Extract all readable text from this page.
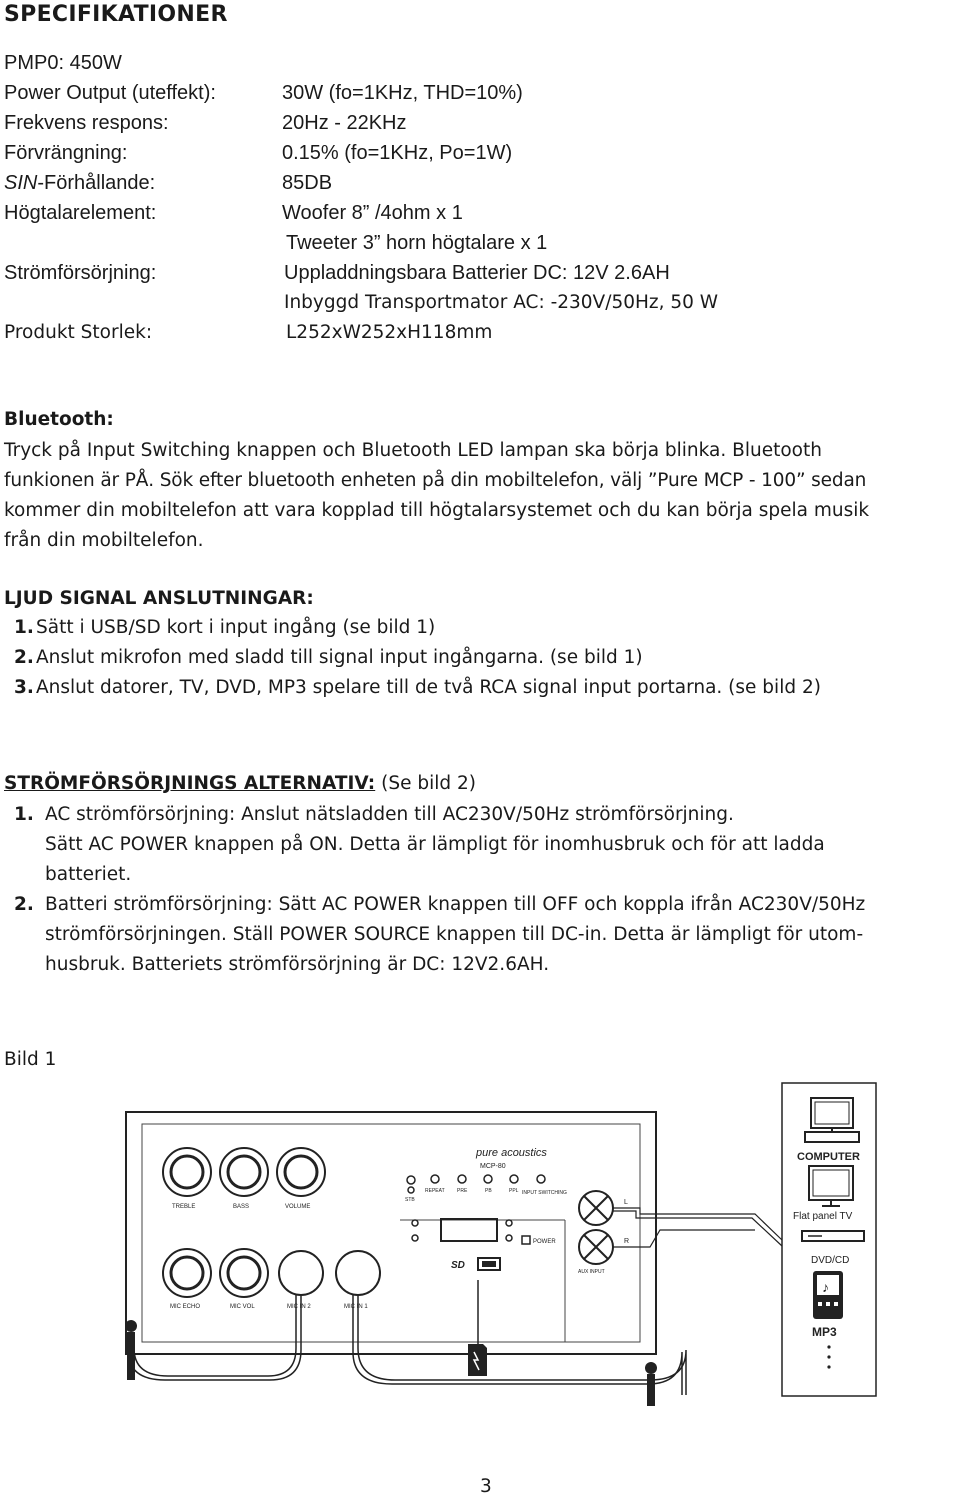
SPECIFIKATIONER
PMP0: 450W
Power Output (uteffekt):	30W (fo=1KHz, THD=10%)
Frekvens respons:	20Hz - 22KHz
Förvrängning:	0.15% (fo=1KHz, Po=1W)
SIN-Förhållande:	85DB
Högtalarelement:	Woofer 8” /4ohm x 1
Tweeter 3” horn högtalare x 1
Strömförsörjning:	Uppladdningsbara Batterier DC: 12V 2.6AH
Inbyggd Transportmator AC: -230V/50Hz, 50 W
Produkt Storlek:	L252xW252xH118mm
Bluetooth:
Tryck på Input Switching knappen och Bluetooth LED lampan ska börja blinka. Bluetooth
funkionen är PÅ. Sök efter bluetooth enheten på din mobiltelefon, välj ”Pure MCP - 100” sedan
kommer din mobiltelefon att vara kopplad till högtalarsystemet och du kan börja spela musik
från din mobiltelefon.
LJUD SIGNAL ANSLUTNINGAR:
1. Sätt i USB/SD kort i input ingång (se bild 1)
2. Anslut mikrofon med sladd till signal input ingångarna. (se bild 1)
3. Anslut datorer, TV, DVD, MP3 spelare till de två RCA signal input portarna. (se bild 2)
STRÖMFÖRSÖRJNINGS ALTERNATIV: (Se bild 2)
1. AC strömförsörjning: Anslut nätsladden till AC230V/50Hz strömförsörjning.
Sätt AC POWER knappen på ON. Detta är lämpligt för inomhusbruk och för att ladda
batteriet.
2. Batteri strömförsörjning: Sätt AC POWER knappen till OFF och koppla ifrån AC230V/50Hz
strömförsörjningen. Ställ POWER SOURCE knappen till DC-in. Detta är lämpligt för utom-
husbruk. Batteriets strömförsörjning är DC: 12V2.6AH.
Bild 1
pure acoustics
MCP-80
TREBLE	BASS	VOLUME
STB
REPEAT PRE	PB	PPL INPUT SWITCHING
SD
POWER
AUX INPUT
MIC ECHO	MIC VOL	MIC IN 2	MIC IN 1
L
R
COMPUTER
Flat panel TV
DVD/CD
♪
MP3
3
